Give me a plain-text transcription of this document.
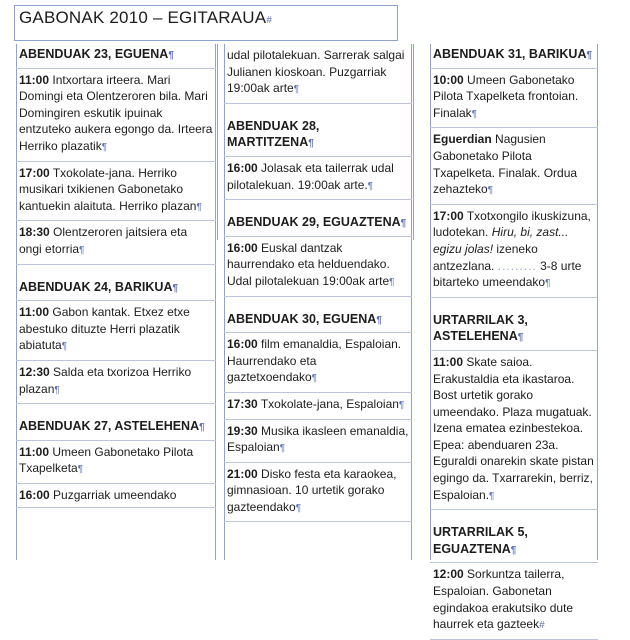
GABONAK 2010 – EGITARAUA#
ABENDUAK 23, EGUENA¶
11:00 Intxortara irteera. Mari Domingi eta Olentzeroren bila. Mari Domingiren eskutik ipuinak entzuteko aukera egongo da. Irteera Herriko plazatik¶
17:00 Txokolate-jana. Herriko musikari txikienen Gabonetako kantuekin alaituta. Herriko plazan¶
18:30 Olentzeroren jaitsiera eta ongi etorria¶
ABENDUAK 24, BARIKUA¶
11:00 Gabon kantak. Etxez etxe abestuko dituzte Herri plazatik abiatuta¶
12:30 Salda eta txorizoa Herriko plazan¶
ABENDUAK 27, ASTELEHENA¶
11:00 Umeen Gabonetako Pilota Txapelketa¶
16:00 Puzgarriak umeendako
udal pilotalekuan. Sarrerak salgai Julianen kioskoan. Puzgarriak 19:00ak arte¶
ABENDUAK 28, MARTITZENA¶
16:00 Jolasak eta tailerrak udal pilotalekuan. 19:00ak arte.¶
ABENDUAK 29, EGUAZTENA¶
16:00 Euskal dantzak haurrendako eta helduendako. Udal pilotalekuan 19:00ak arte¶
ABENDUAK 30, EGUENA¶
16:00 film emanaldia, Espaloian. Haurrendako eta gaztetxoendako¶
17:30 Txokolate-jana, Espaloian¶
19:30 Musika ikasleen emanaldia, Espaloian¶
21:00 Disko festa eta karaokea, gimnasioan. 10 urtetik gorako gazteendako¶
ABENDUAK 31, BARIKUA¶
10:00 Umeen Gabonetako Pilota Txapelketa frontoian. Finalak¶
Eguerdian Nagusien Gabonetako Pilota Txapelketa. Finalak. Ordua zehazteko¶
17:00 Txotxongilo ikuskizuna, ludotekan. Hiru, bi, zast... egizu jolas! izeneko antzezlana. ......... 3-8 urte bitarteko umeendako¶
URTARRILAK 3, ASTELEHENA¶
11:00 Skate saioa. Erakustaldia eta ikastaroa. Bost urtetik gorako umeendako. Plaza mugatuak. Izena ematea ezinbestekoa. Epea: abenduaren 23a. Eguraldi onarekin skate pistan egingo da. Txarrarekin, berriz, Espaloian.¶
URTARRILAK 5, EGUAZTENA¶
12:00 Sorkuntza tailerra, Espaloian. Gabonetan egindakoa erakutsiko dute haurrek eta gazteek#
